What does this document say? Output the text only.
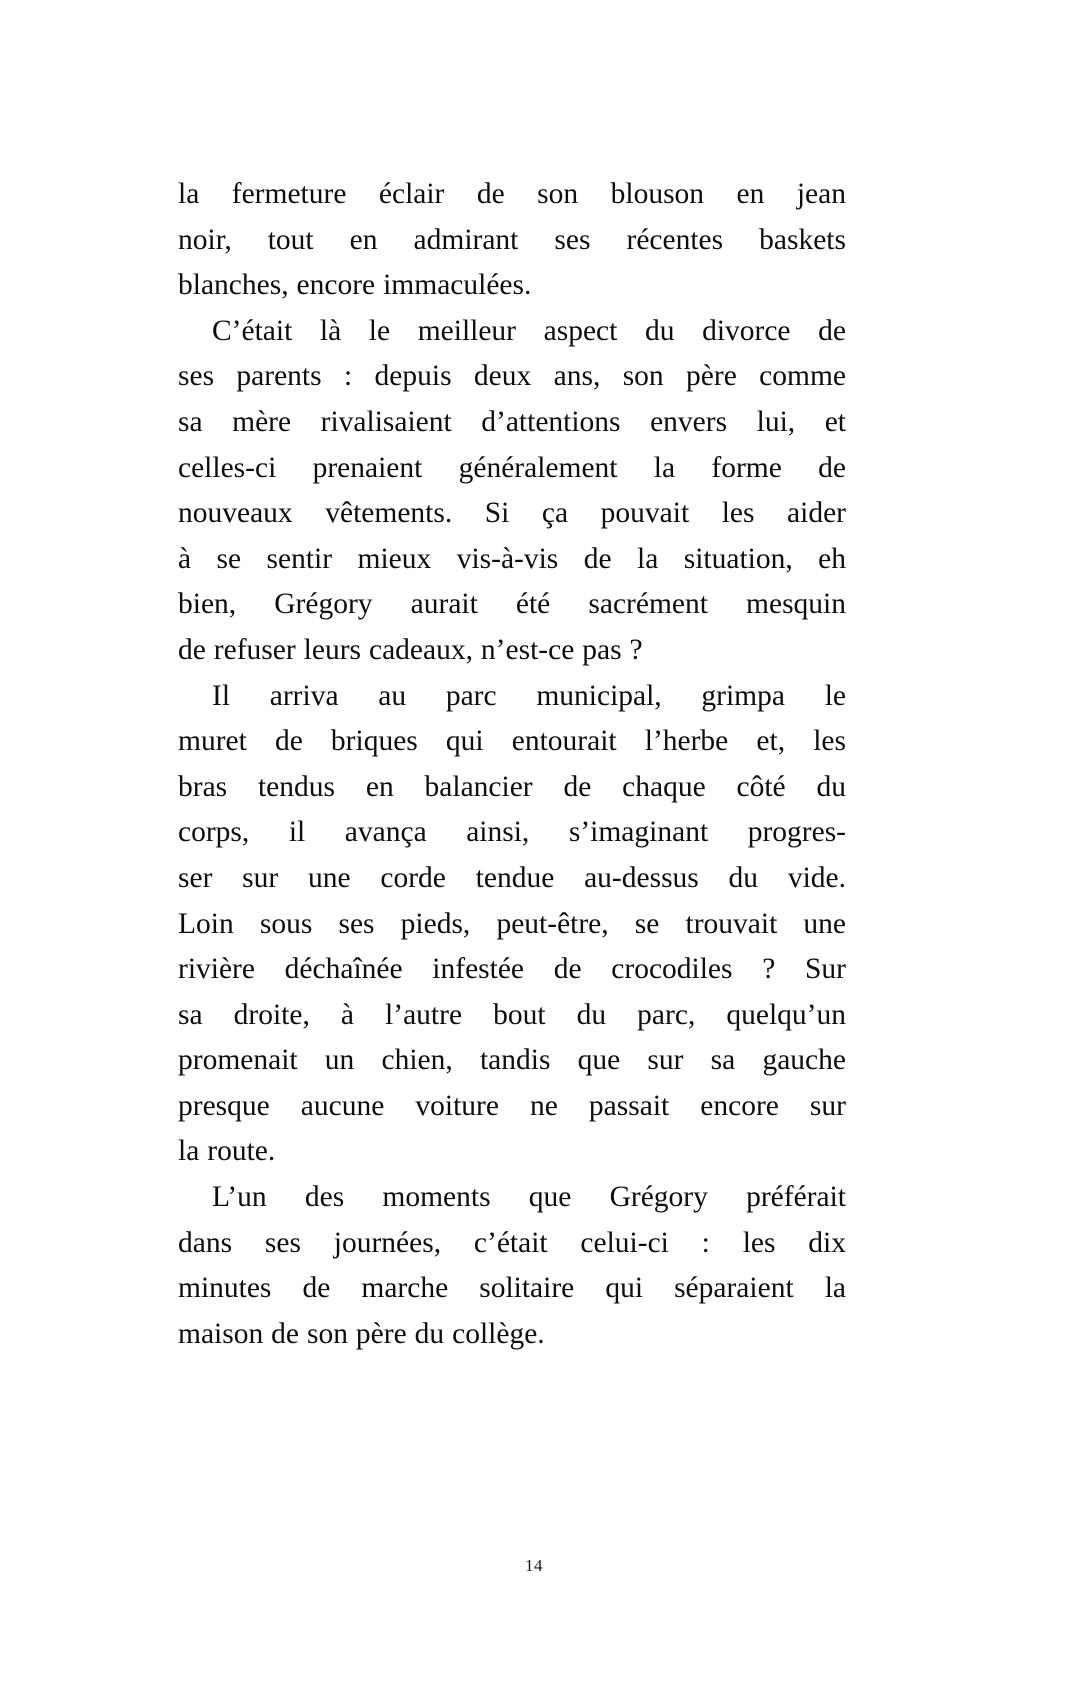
la fermeture éclair de son blouson en jean
noir, tout en admirant ses récentes baskets
blanches, encore immaculées.

C’était là le meilleur aspect du divorce de
ses parents : depuis deux ans, son père comme
sa mère rivalisaient d’attentions envers lui, et
celles-ci prenaient généralement la forme de
nouveaux vêtements. Si ça pouvait les aider
à se sentir mieux vis-à-vis de la situation, eh
bien, Grégory aurait été sacrément mesquin
de refuser leurs cadeaux, n’est-ce pas ?

Il arriva au parc municipal, grimpa le
muret de briques qui entourait l’herbe et, les
bras tendus en balancier de chaque côté du
corps, il avança ainsi, s’imaginant progres-
ser sur une corde tendue au-dessus du vide.
Loin sous ses pieds, peut-être, se trouvait une
rivière déchaînée infestée de crocodiles ? Sur
sa droite, à l’autre bout du parc, quelqu’un
promenait un chien, tandis que sur sa gauche
presque aucune voiture ne passait encore sur
la route.

L’un des moments que Grégory préférait
dans ses journées, c’était celui-ci : les dix
minutes de marche solitaire qui séparaient la
maison de son père du collège.

14
